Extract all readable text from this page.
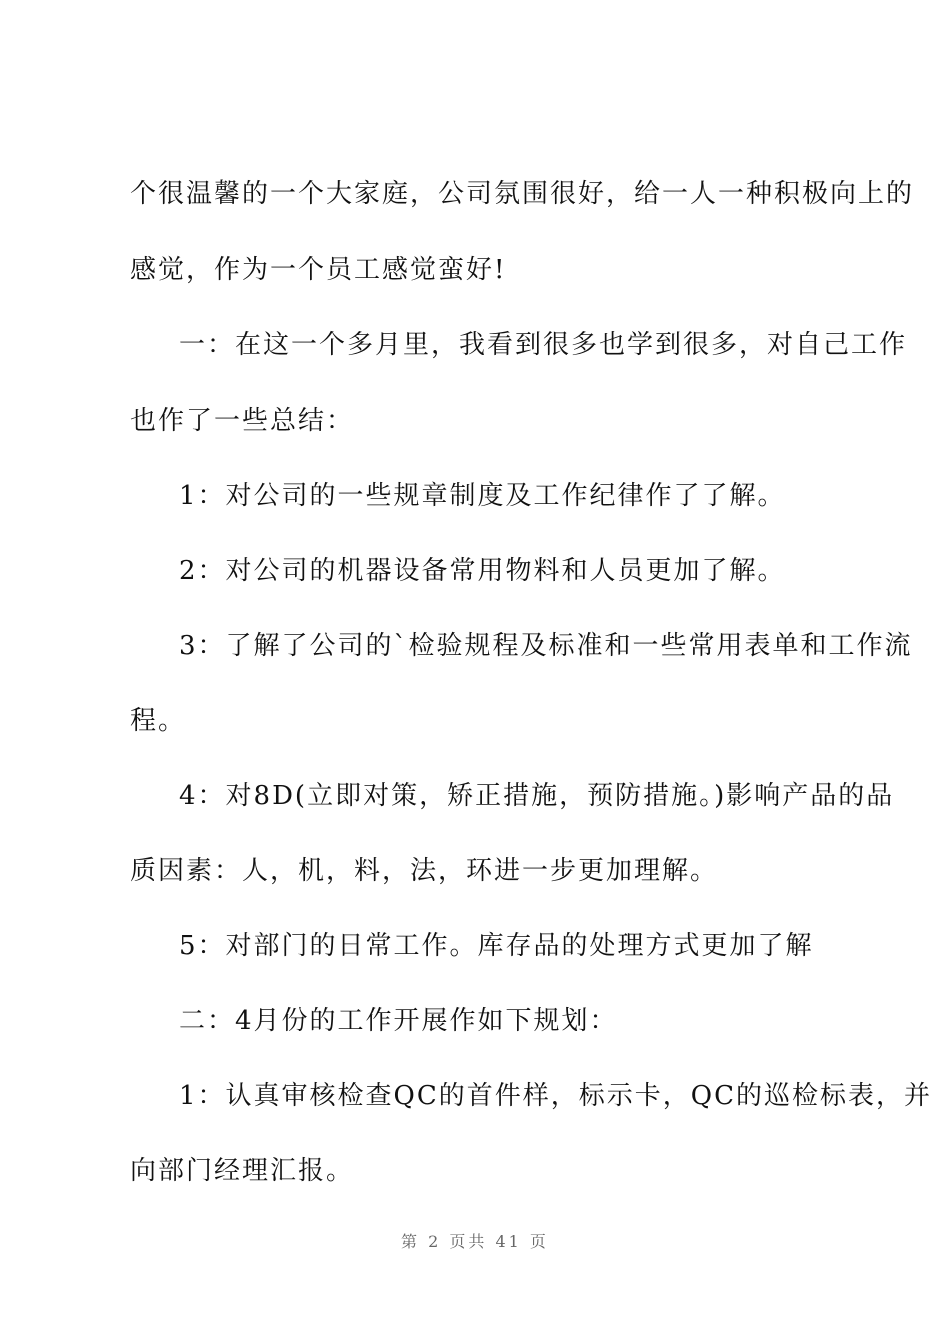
个很温馨的一个大家庭，公司氛围很好，给一人一种积极向上的
感觉，作为一个员工感觉蛮好!
一：在这一个多月里，我看到很多也学到很多，对自己工作
也作了一些总结：
1：对公司的一些规章制度及工作纪律作了了解。
2：对公司的机器设备常用物料和人员更加了解。
3：了解了公司的`检验规程及标准和一些常用表单和工作流
程。
4：对8D(立即对策，矫正措施，预防措施。)影响产品的品
质因素：人，机，料，法，环进一步更加理解。
5：对部门的日常工作。库存品的处理方式更加了解
二：4月份的工作开展作如下规划：
1：认真审核检查QC的首件样，标示卡，QC的巡检标表，并
向部门经理汇报。
第 2 页共 41 页
